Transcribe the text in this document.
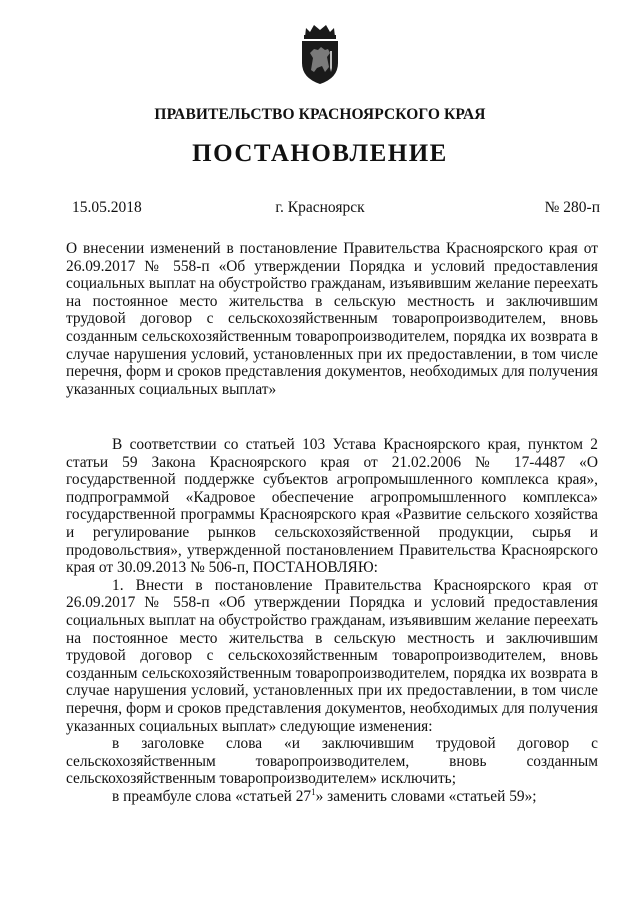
ПРАВИТЕЛЬСТВО КРАСНОЯРСКОГО КРАЯ
ПОСТАНОВЛЕНИЕ
15.05.2018	г. Красноярск	№ 280-п
О внесении изменений в постановление Правительства Красноярского края от 26.09.2017 № 558-п «Об утверждении Порядка и условий предоставления социальных выплат на обустройство гражданам, изъявившим желание переехать на постоянное место жительства в сельскую местность и заключившим трудовой договор с сельскохозяйственным товаропроизводителем, вновь созданным сельскохозяйственным товаропроизводителем, порядка их возврата в случае нарушения условий, установленных при их предоставлении, в том числе перечня, форм и сроков представления документов, необходимых для получения указанных социальных выплат»

В соответствии со статьей 103 Устава Красноярского края, пунктом 2 статьи 59 Закона Красноярского края от 21.02.2006 № 17-4487 «О государственной поддержке субъектов агропромышленного комплекса края», подпрограммой «Кадровое обеспечение агропромышленного комплекса» государственной программы Красноярского края «Развитие сельского хозяйства и регулирование рынков сельскохозяйственной продукции, сырья и продовольствия», утвержденной постановлением Правительства Красноярского края от 30.09.2013 № 506-п, ПОСТАНОВЛЯЮ:

1. Внести в постановление Правительства Красноярского края от 26.09.2017 № 558-п «Об утверждении Порядка и условий предоставления социальных выплат на обустройство гражданам, изъявившим желание переехать на постоянное место жительства в сельскую местность и заключившим трудовой договор с сельскохозяйственным товаропроизводителем, вновь созданным сельскохозяйственным товаропроизводителем, порядка их возврата в случае нарушения условий, установленных при их предоставлении, в том числе перечня, форм и сроков представления документов, необходимых для получения указанных социальных выплат» следующие изменения:

в заголовке слова «и заключившим трудовой договор с сельскохозяйственным товаропроизводителем, вновь созданным сельскохозяйственным товаропроизводителем» исключить;

в преамбуле слова «статьей $27^1$» заменить словами «статьей 59»;
